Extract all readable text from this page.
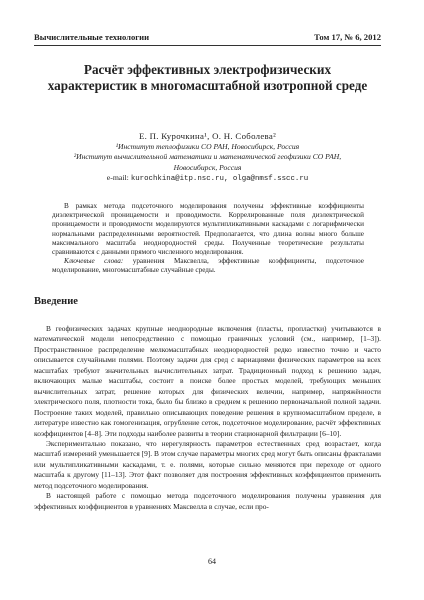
Вычислительные технологии	Том 17, № 6, 2012
Расчёт эффективных электрофизических
характеристик в многомасштабной изотропной среде
Е. П. Курочкина¹, О. Н. Соболева²
¹Институт теплофизики СО РАН, Новосибирск, Россия
²Институт вычислительной математики и математической геофизики СО РАН,
Новосибирск, Россия
e-mail: kurochkina@itp.nsc.ru, olga@nmsf.sscc.ru

В рамках метода подсеточного моделирования получены эффективные коэффициенты диэлектрической проницаемости и проводимости. Коррелированные поля диэлектрической проницаемости и проводимости моделируются мультипликативными каскадами с логарифмически нормальными распределенными вероятностей. Предполагается, что длина волны много больше максимального масштаба неоднородностей среды. Полученные теоретические результаты сравниваются с данными прямого численного моделирования.

Ключевые слова: уравнения Максвелла, эффективные коэффициенты, подсеточное моделирование, многомасштабные случайные среды.

Введение

В геофизических задачах крупные неоднородные включения (пласты, пропластки) учитываются в математической модели непосредственно с помощью граничных условий (см., например, [1–3]). Пространственное распределение мелкомасштабных неоднородностей редко известно точно и часто описывается случайными полями. Поэтому задачи для сред с вариациями физических параметров на всех масштабах требуют значительных вычислительных затрат. Традиционный подход к решению задач, включающих малые масштабы, состоит в поиске более простых моделей, требующих меньших вычислительных затрат, решение которых для физических величин, например, напряжённости электрического поля, плотности тока, было бы близко в среднем к решению первоначальной полной задачи. Построение таких моделей, правильно описывающих поведение решения в крупномасштабном пределе, в литературе известно как гомогенизация, огрубление сеток, подсеточное моделирование, расчёт эффективных коэффициентов [4–8]. Эти подходы наиболее развиты в теории стационарной фильтрации [6–10].

Экспериментально показано, что нерегулярность параметров естественных сред возрастает, когда масштаб измерений уменьшается [9]. В этом случае параметры многих сред могут быть описаны фракталами или мультипликативными каскадами, т. е. полями, которые сильно меняются при переходе от одного масштаба к другому [11–13]. Этот факт позволяет для построения эффективных коэффициентов применить метод подсеточного моделирования.

В настоящей работе с помощью метода подсеточного моделирования получены уравнения для эффективных коэффициентов в уравнениях Максвелла в случае, если про-

64
